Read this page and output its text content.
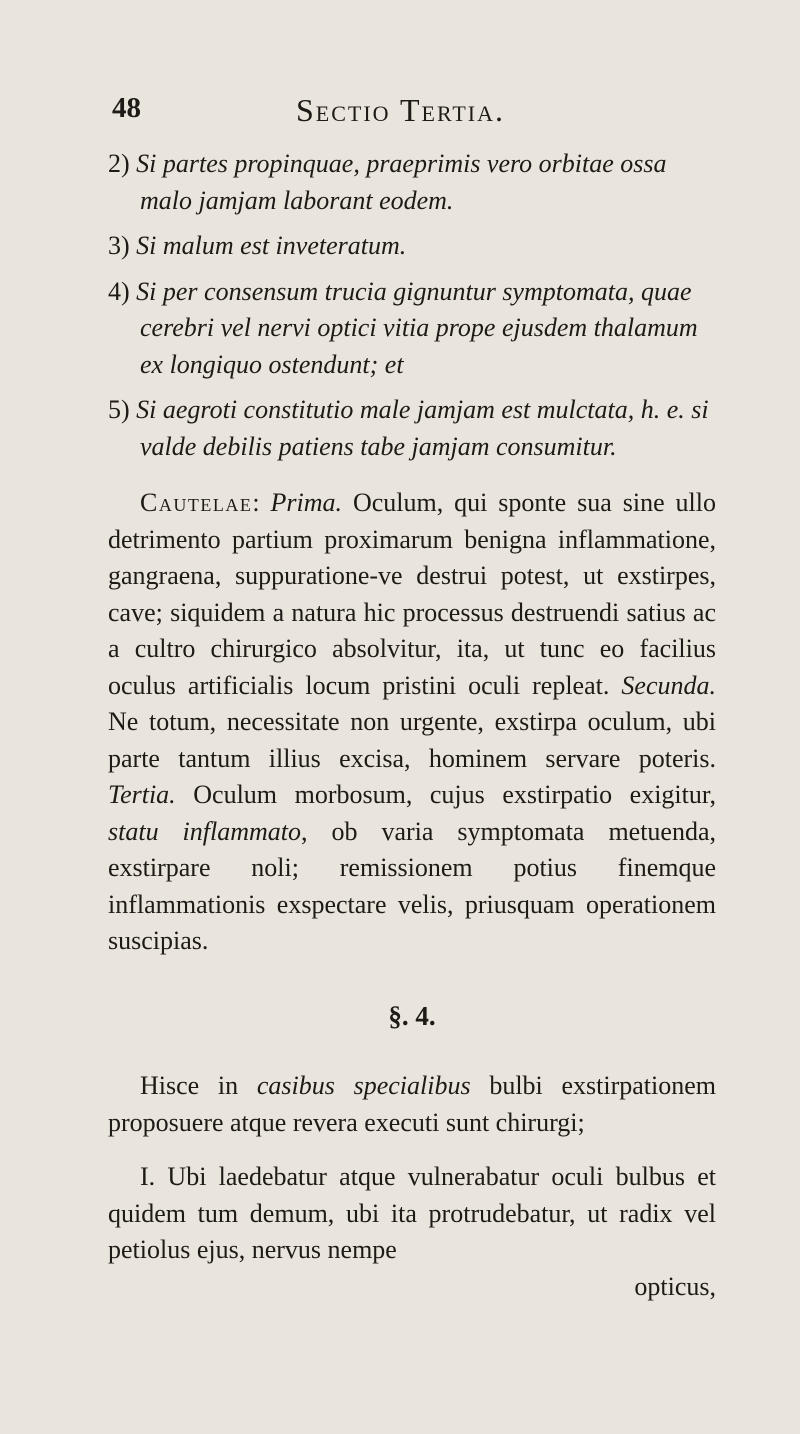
48	Sectio Tertia.

2) Si partes propinquae, praeprimis vero orbitae ossa malo jamjam laborant eodem.

3) Si malum est inveteratum.

4) Si per consensum trucia gignuntur symptomata, quae cerebri vel nervi optici vitia prope ejusdem thalamum ex longiquo ostendunt; et

5) Si aegroti constitutio male jamjam est mulctata, h. e. si valde debilis patiens tabe jamjam consumitur.

Cautelae: Prima. Oculum, qui sponte sua sine ullo detrimento partium proximarum benigna inflammatione, gangraena, suppuratione-ve destrui potest, ut exstirpes, cave; siquidem a natura hic processus destruendi satius ac a cultro chirurgico absolvitur, ita, ut tunc eo facilius oculus artificialis locum pristini oculi repleat. Secunda. Ne totum, necessitate non urgente, exstirpa oculum, ubi parte tantum illius excisa, hominem servare poteris. Tertia. Oculum morbosum, cujus exstirpatio exigitur, statu inflammato, ob varia symptomata metuenda, exstirpare noli; remissionem potius finemque inflammationis exspectare velis, priusquam operationem suscipias.

§. 4.

Hisce in casibus specialibus bulbi exstirpationem proposuere atque revera executi sunt chirurgi;

I. Ubi laedebatur atque vulnerabatur oculi bulbus et quidem tum demum, ubi ita protrudebatur, ut radix vel petiolus ejus, nervus nempe

opticus,
